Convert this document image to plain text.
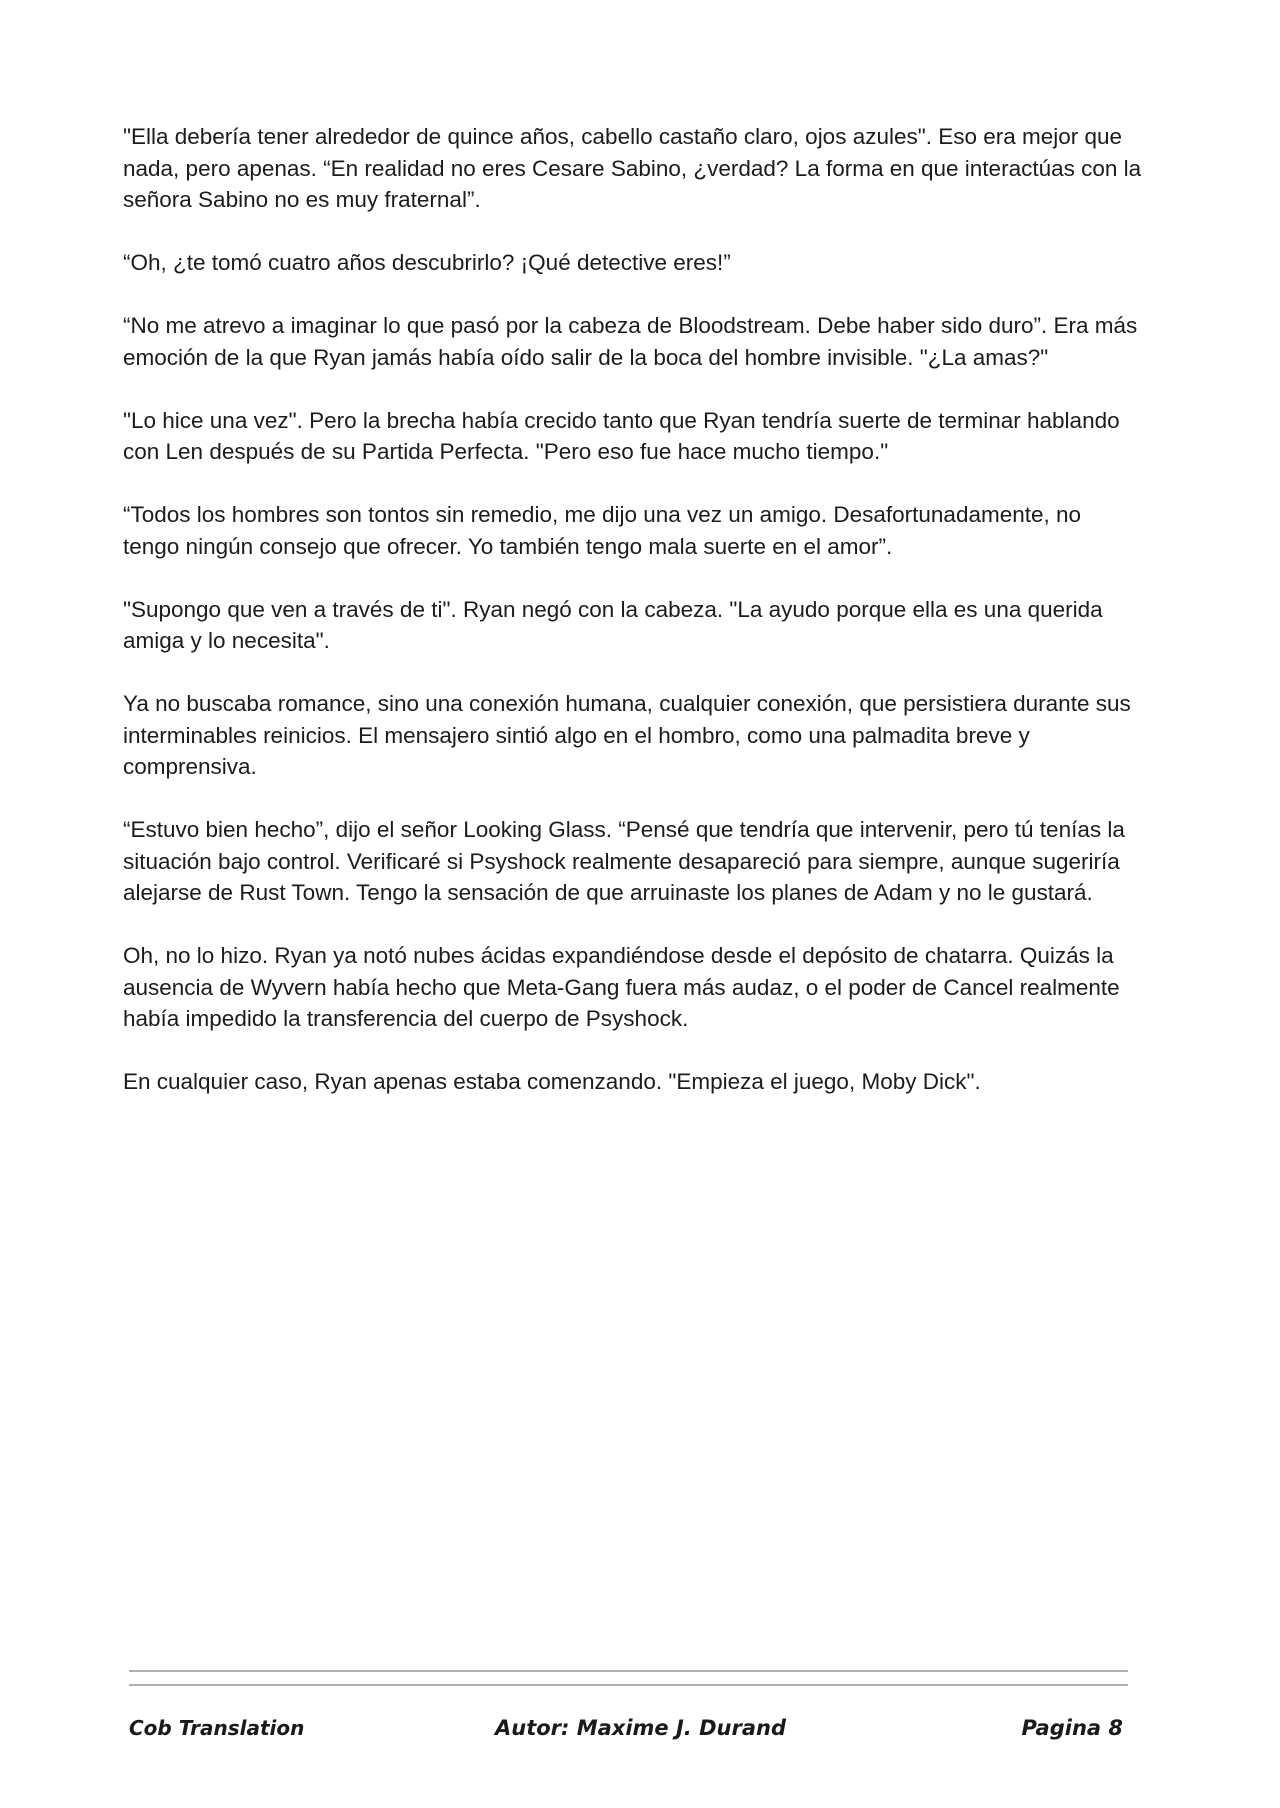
"Ella debería tener alrededor de quince años, cabello castaño claro, ojos azules". Eso era mejor que nada, pero apenas. “En realidad no eres Cesare Sabino, ¿verdad? La forma en que interactúas con la señora Sabino no es muy fraternal”.

“Oh, ¿te tomó cuatro años descubrirlo? ¡Qué detective eres!”

“No me atrevo a imaginar lo que pasó por la cabeza de Bloodstream. Debe haber sido duro”. Era más emoción de la que Ryan jamás había oído salir de la boca del hombre invisible. "¿La amas?"

"Lo hice una vez". Pero la brecha había crecido tanto que Ryan tendría suerte de terminar hablando con Len después de su Partida Perfecta. "Pero eso fue hace mucho tiempo."

“Todos los hombres son tontos sin remedio, me dijo una vez un amigo. Desafortunadamente, no tengo ningún consejo que ofrecer. Yo también tengo mala suerte en el amor”.

"Supongo que ven a través de ti". Ryan negó con la cabeza. "La ayudo porque ella es una querida amiga y lo necesita".

Ya no buscaba romance, sino una conexión humana, cualquier conexión, que persistiera durante sus interminables reinicios. El mensajero sintió algo en el hombro, como una palmadita breve y comprensiva.

“Estuvo bien hecho”, dijo el señor Looking Glass. “Pensé que tendría que intervenir, pero tú tenías la situación bajo control. Verificaré si Psyshock realmente desapareció para siempre, aunque sugeriría alejarse de Rust Town. Tengo la sensación de que arruinaste los planes de Adam y no le gustará.

Oh, no lo hizo. Ryan ya notó nubes ácidas expandiéndose desde el depósito de chatarra. Quizás la ausencia de Wyvern había hecho que Meta-Gang fuera más audaz, o el poder de Cancel realmente había impedido la transferencia del cuerpo de Psyshock.

En cualquier caso, Ryan apenas estaba comenzando. "Empieza el juego, Moby Dick".

Cob Translation	Autor: Maxime J. Durand	Pagina 8
